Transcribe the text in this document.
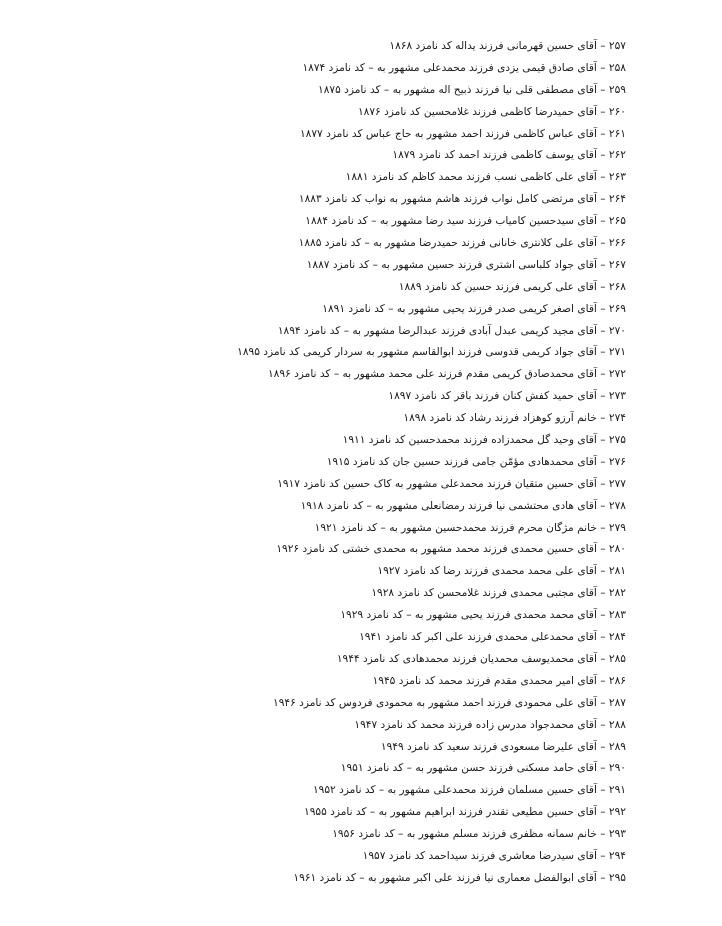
۲۵۷ – آقای حسین قهرمانی فرزند یداله کد نامزد ۱۸۶۸
۲۵۸ – آقای صادق قیمی یزدی فرزند محمدعلی مشهور به – کد نامزد ۱۸۷۴
۲۵۹ – آقای مصطفی قلی نیا فرزند ذبیح اله مشهور به – کد نامزد ۱۸۷۵
۲۶۰ – آقای حمیدرضا کاظمی فرزند غلامحسین کد نامزد ۱۸۷۶
۲۶۱ – آقای عباس کاظمی فرزند احمد مشهور به حاج عباس کد نامزد ۱۸۷۷
۲۶۲ – آقای یوسف کاظمی فرزند احمد کد نامزد ۱۸۷۹
۲۶۳ – آقای علی کاظمی نسب فرزند محمد کاظم کد نامزد ۱۸۸۱
۲۶۴ – آقای مرتضی کامل نواب فرزند هاشم مشهور به نواب کد نامزد ۱۸۸۳
۲۶۵ – آقای سیدحسین کامیاب فرزند سید رضا مشهور به – کد نامزد ۱۸۸۴
۲۶۶ – آقای علی کلانتری خانانی فرزند حمیدرضا مشهور به – کد نامزد ۱۸۸۵
۲۶۷ – آقای جواد کلباسی اشتری فرزند حسین مشهور به – کد نامزد ۱۸۸۷
۲۶۸ – آقای علی کریمی فرزند حسین کد نامزد ۱۸۸۹
۲۶۹ – آقای اصغر کریمی صدر فرزند یحیی مشهور به – کد نامزد ۱۸۹۱
۲۷۰ – آقای مجید کریمی عبدل آبادی فرزند عبدالرضا مشهور به – کد نامزد ۱۸۹۴
۲۷۱ – آقای جواد کریمی قدوسی فرزند ابوالقاسم مشهور به سردار کریمی کد نامزد ۱۸۹۵
۲۷۲ – آقای محمدصادق کریمی مقدم فرزند علی محمد مشهور به – کد نامزد ۱۸۹۶
۲۷۳ – آقای حمید کفش کنان فرزند باقر کد نامزد ۱۸۹۷
۲۷۴ – خانم آرزو کوهزاد فرزند رشاد کد نامزد ۱۸۹۸
۲۷۵ – آقای وحید گل محمدزاده فرزند محمدحسین کد نامزد ۱۹۱۱
۲۷۶ – آقای محمدهادی مؤمّن جامی فرزند حسین جان کد نامزد ۱۹۱۵
۲۷۷ – آقای حسین متقیان فرزند محمدعلی مشهور به کاک حسین کد نامزد ۱۹۱۷
۲۷۸ – آقای هادی محتشمی نیا فرزند رمضانعلی مشهور به – کد نامزد ۱۹۱۸
۲۷۹ – خانم مژگان محرم فرزند محمدحسین مشهور به – کد نامزد ۱۹۲۱
۲۸۰ – آقای حسین محمدی فرزند محمد مشهور به محمدی خشتی کد نامزد ۱۹۲۶
۲۸۱ – آقای علی محمد محمدی فرزند رضا کد نامزد ۱۹۲۷
۲۸۲ – آقای مجتبی محمدی فرزند غلامحسن کد نامزد ۱۹۲۸
۲۸۳ – آقای محمد محمدی فرزند یحیی مشهور به – کد نامزد ۱۹۲۹
۲۸۴ – آقای محمدعلی محمدی فرزند علی اکبر کد نامزد ۱۹۴۱
۲۸۵ – آقای محمدیوسف محمدیان فرزند محمدهادی کد نامزد ۱۹۴۴
۲۸۶ – آقای امیر محمدی مقدم فرزند محمد کد نامزد ۱۹۴۵
۲۸۷ – آقای علی محمودی فرزند احمد مشهور به محمودی فردوس کد نامزد ۱۹۴۶
۲۸۸ – آقای محمدجواد مدرس زاده فرزند محمد کد نامزد ۱۹۴۷
۲۸۹ – آقای علیرضا مسعودی فرزند سعید کد نامزد ۱۹۴۹
۲۹۰ – آقای حامد مسکنی فرزند حسن مشهور به – کد نامزد ۱۹۵۱
۲۹۱ – آقای حسین مسلمان فرزند محمدعلی مشهور به – کد نامزد ۱۹۵۲
۲۹۲ – آقای حسین مطیعی تقندر فرزند ابراهیم مشهور به – کد نامزد ۱۹۵۵
۲۹۳ – خانم سمانه مظفری فرزند مسلم مشهور به – کد نامزد ۱۹۵۶
۲۹۴ – آقای سیدرضا معاشری فرزند سیداحمد کد نامزد ۱۹۵۷
۲۹۵ – آقای ابوالفضل معماری نیا فرزند علی اکبر مشهور به – کد نامزد ۱۹۶۱
